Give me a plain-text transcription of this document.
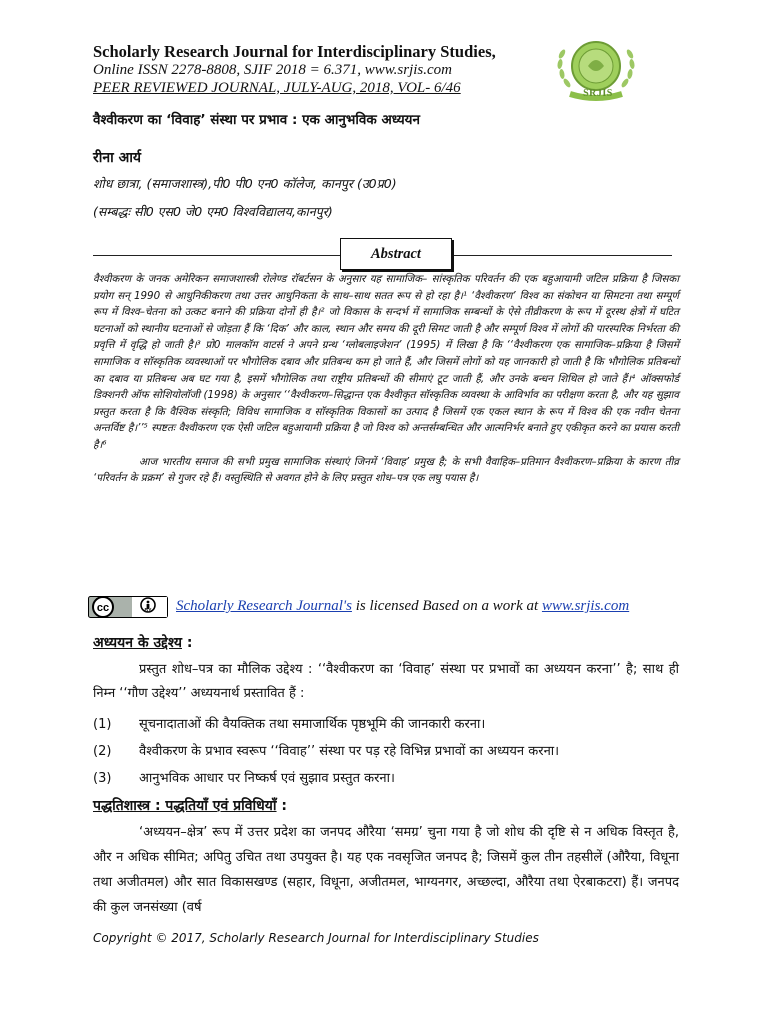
Scholarly Research Journal for Interdisciplinary Studies,
Online ISSN 2278-8808, SJIF 2018 = 6.371, www.srjis.com
PEER REVIEWED JOURNAL, JULY-AUG, 2018, VOL- 6/46	SRJIS
वैश्वीकरण का ‘विवाह’ संस्था पर प्रभाव : एक आनुभविक अध्ययन
रीना आर्य
शोध छात्रा, (समाजशास्त्र),पी0 पी0 एन0 कॉलेज, कानपुर (उ0प्र0)
(सम्बद्धः सी0 एस0 जे0 एम0 विश्वविद्यालय,कानपुर)
Abstract

वैश्वीकरण के जनक अमेरिकन समाजशास्त्री रोलेण्ड रॉबर्टसन के अनुसार यह सामाजिक– सांस्कृतिक परिवर्तन की एक बहुआयामी जटिल प्रक्रिया है जिसका प्रयोग सन् 1990 से आधुनिकीकरण तथा उत्तर आधुनिकता के साथ–साथ सतत रूप से हो रहा है।¹ ‘वैश्वीकरण’ विश्व का संकोचन या सिमटना तथा सम्पूर्ण रूप में विश्व–चेतना को उत्कट बनाने की प्रक्रिया दोनों ही है।² जो विकास के सन्दर्भ में सामाजिक सम्बन्धों के ऐसे तीव्रीकरण के रूप में दूरस्थ क्षेत्रों में घटित घटनाओं को स्थानीय घटनाओं से जोड़ता हैं कि ‘दिक’ और काल, स्थान और समय की दूरी सिमट जाती है और सम्पूर्ण विश्व में लोगों की पारस्परिक निर्भरता की प्रवृत्ति में वृद्धि हो जाती है।³ प्रो0 मालकॉम वाटर्स ने अपने ग्रन्थ ‘ग्लोबलाइजेशन’ (1995) में लिखा है कि ‘‘वैश्वीकरण एक सामाजिक–प्रक्रिया है जिसमें सामाजिक व सॉस्कृतिक व्यवस्थाओं पर भौगोलिक दबाव और प्रतिबन्ध कम हो जाते हैं, और जिसमें लोगों को यह जानकारी हो जाती है कि भौगोलिक प्रतिबन्धों का दबाव या प्रतिबन्ध अब घट गया है, इसमें भौगोलिक तथा राष्ट्रीय प्रतिबन्धों की सीमाएं टूट जाती हैं, और उनके बन्धन शिथिल हो जाते हैं।⁴ ऑक्सफोर्ड डिक्शनरी ऑफ सोशियोलॉजी (1998) के अनुसार ‘‘वैश्वीकरण–सिद्धान्त एक वैश्वीकृत सॉस्कृतिक व्यवस्था के आविर्भाव का परीक्षण करता है, और यह सुझाव प्रस्तुत करता है कि वैश्विक संस्कृति; विविध सामाजिक व सॉस्कृतिक विकासों का उत्पाद है जिसमें एक एकल स्थान के रूप में विश्व की एक नवीन चेतना अन्तर्विष्ट है।’’⁵ स्पष्टतः वैश्वीकरण एक ऐसी जटिल बहुआयामी प्रक्रिया है जो विश्व को अन्तर्सम्बन्धित और आत्मनिर्भर बनाते हुए एकीकृत करने का प्रयास करती है।⁶

आज भारतीय समाज की सभी प्रमुख सामाजिक संस्थाएं जिनमें ‘विवाह’ प्रमुख है; के सभी वैवाहिक–प्रतिमान वैश्वीकरण–प्रक्रिया के कारण तीव्र ‘परिवर्तन के प्रक्रम’ से गुजर रहे हैं। वस्तुस्थिति से अवगत होने के लिए प्रस्तुत शोध–पत्र एक लघु पयास है।

cc	BY	Scholarly Research Journal's is licensed Based on a work at www.srjis.com
अध्ययन के उद्देश्य :

प्रस्तुत शोध–पत्र का मौलिक उद्देश्य : ‘‘वैश्वीकरण का ‘विवाह’ संस्था पर प्रभावों का अध्ययन करना’’ है; साथ ही निम्न ‘‘गौण उद्देश्य’’ अध्ययनार्थ प्रस्तावित हैं :

(1) सूचनादाताओं की वैयक्तिक तथा समाजार्थिक पृष्ठभूमि की जानकारी करना।
(2) वैश्वीकरण के प्रभाव स्वरूप ‘‘विवाह’’ संस्था पर पड़ रहे विभिन्न प्रभावों का अध्ययन करना।
(3) आनुभविक आधार पर निष्कर्ष एवं सुझाव प्रस्तुत करना।
पद्धतिशास्त्र : पद्धतियाँ एवं प्रविधियाँ :

‘अध्ययन–क्षेत्र’ रूप में उत्तर प्रदेश का जनपद औरैया ‘समग्र’ चुना गया है जो शोध की दृष्टि से न अधिक विस्तृत है, और न अधिक सीमित; अपितु उचित तथा उपयुक्त है। यह एक नवसृजित जनपद है; जिसमें कुल तीन तहसीलें (औरैया, विधूना तथा अजीतमल) और सात विकासखण्ड (सहार, विधूना, अजीतमल, भाग्यनगर, अच्छल्दा, औरैया तथा ऐरबाकटरा) हैं। जनपद की कुल जनसंख्या (वर्ष

Copyright © 2017, Scholarly Research Journal for Interdisciplinary Studies
